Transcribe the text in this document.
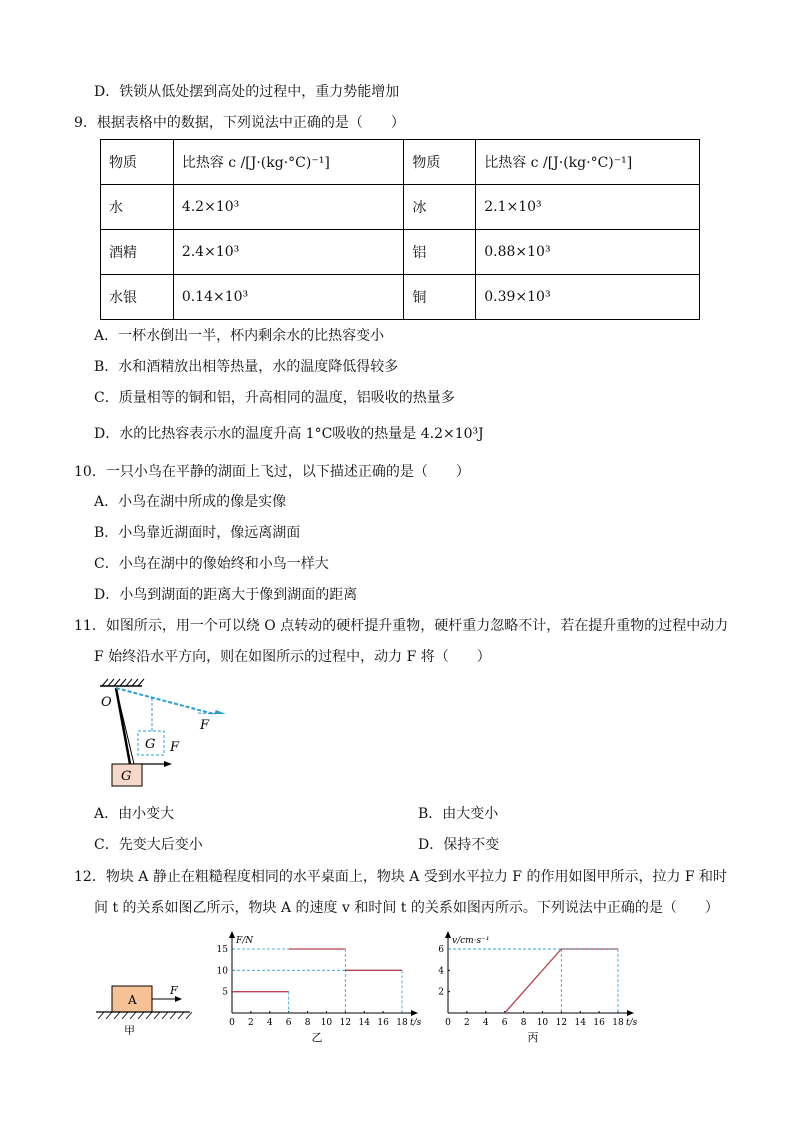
D．铁锁从低处摆到高处的过程中，重力势能增加
9．根据表格中的数据，下列说法中正确的是（　　）
物质	比热容 c /[J·(kg·°C)⁻¹]	物质	比热容 c /[J·(kg·°C)⁻¹]
水	4.2×10³	冰	2.1×10³
酒精	2.4×10³	铝	0.88×10³
水银	0.14×10³	铜	0.39×10³
A．一杯水倒出一半，杯内剩余水的比热容变小
B．水和酒精放出相等热量，水的温度降低得较多
C．质量相等的铜和铝，升高相同的温度，铝吸收的热量多
D．水的比热容表示水的温度升高 1°C吸收的热量是 4.2×10³J
10．一只小鸟在平静的湖面上飞过，以下描述正确的是（　　）
A．小鸟在湖中所成的像是实像
B．小鸟靠近湖面时，像远离湖面
C．小鸟在湖中的像始终和小鸟一样大
D．小鸟到湖面的距离大于像到湖面的距离
11．如图所示，用一个可以绕 O 点转动的硬杆提升重物，硬杆重力忽略不计，若在提升重物的过程中动力
F 始终沿水平方向，则在如图所示的过程中，动力 F 将（　　）
O
F
G F
G
A．由小变大	B．由大变小
C．先变大后变小	D．保持不变
12．物块 A 静止在粗糙程度相同的水平桌面上，物块 A 受到水平拉力 F 的作用如图甲所示，拉力 F 和时
间 t 的关系如图乙所示，物块 A 的速度 v 和时间 t 的关系如图丙所示。下列说法中正确的是（　　）
A
F
甲
F/N
t/s
0 2 4 6 8 10 12 14 16 18
5
10
15
乙
v/cm·s⁻¹
t/s
0 2 4 6 8 10 12 14 16 18
2
4
6
丙
